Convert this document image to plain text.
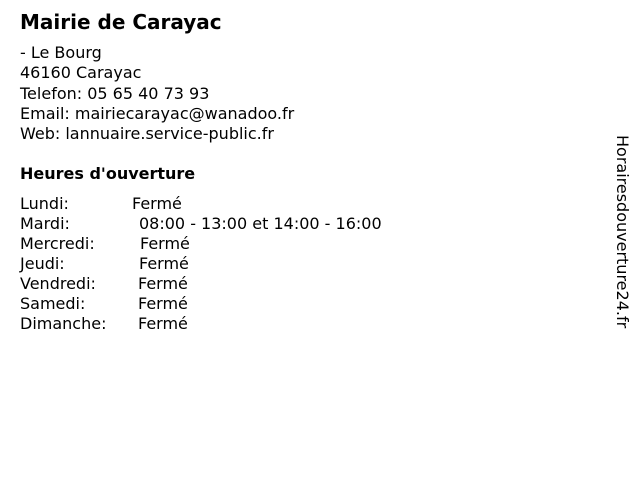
Mairie de Carayac
- Le Bourg
46160 Carayac
Telefon: 05 65 40 73 93
Email: mairiecarayac@wanadoo.fr
Web: lannuaire.service-public.fr
Heures d'ouverture
Lundi:	Fermé
Mardi:	08:00 - 13:00 et 14:00 - 16:00
Mercredi:	Fermé
Jeudi:	Fermé
Vendredi:	Fermé
Samedi:	Fermé
Dimanche: Fermé	Horairesdouverture24.fr
